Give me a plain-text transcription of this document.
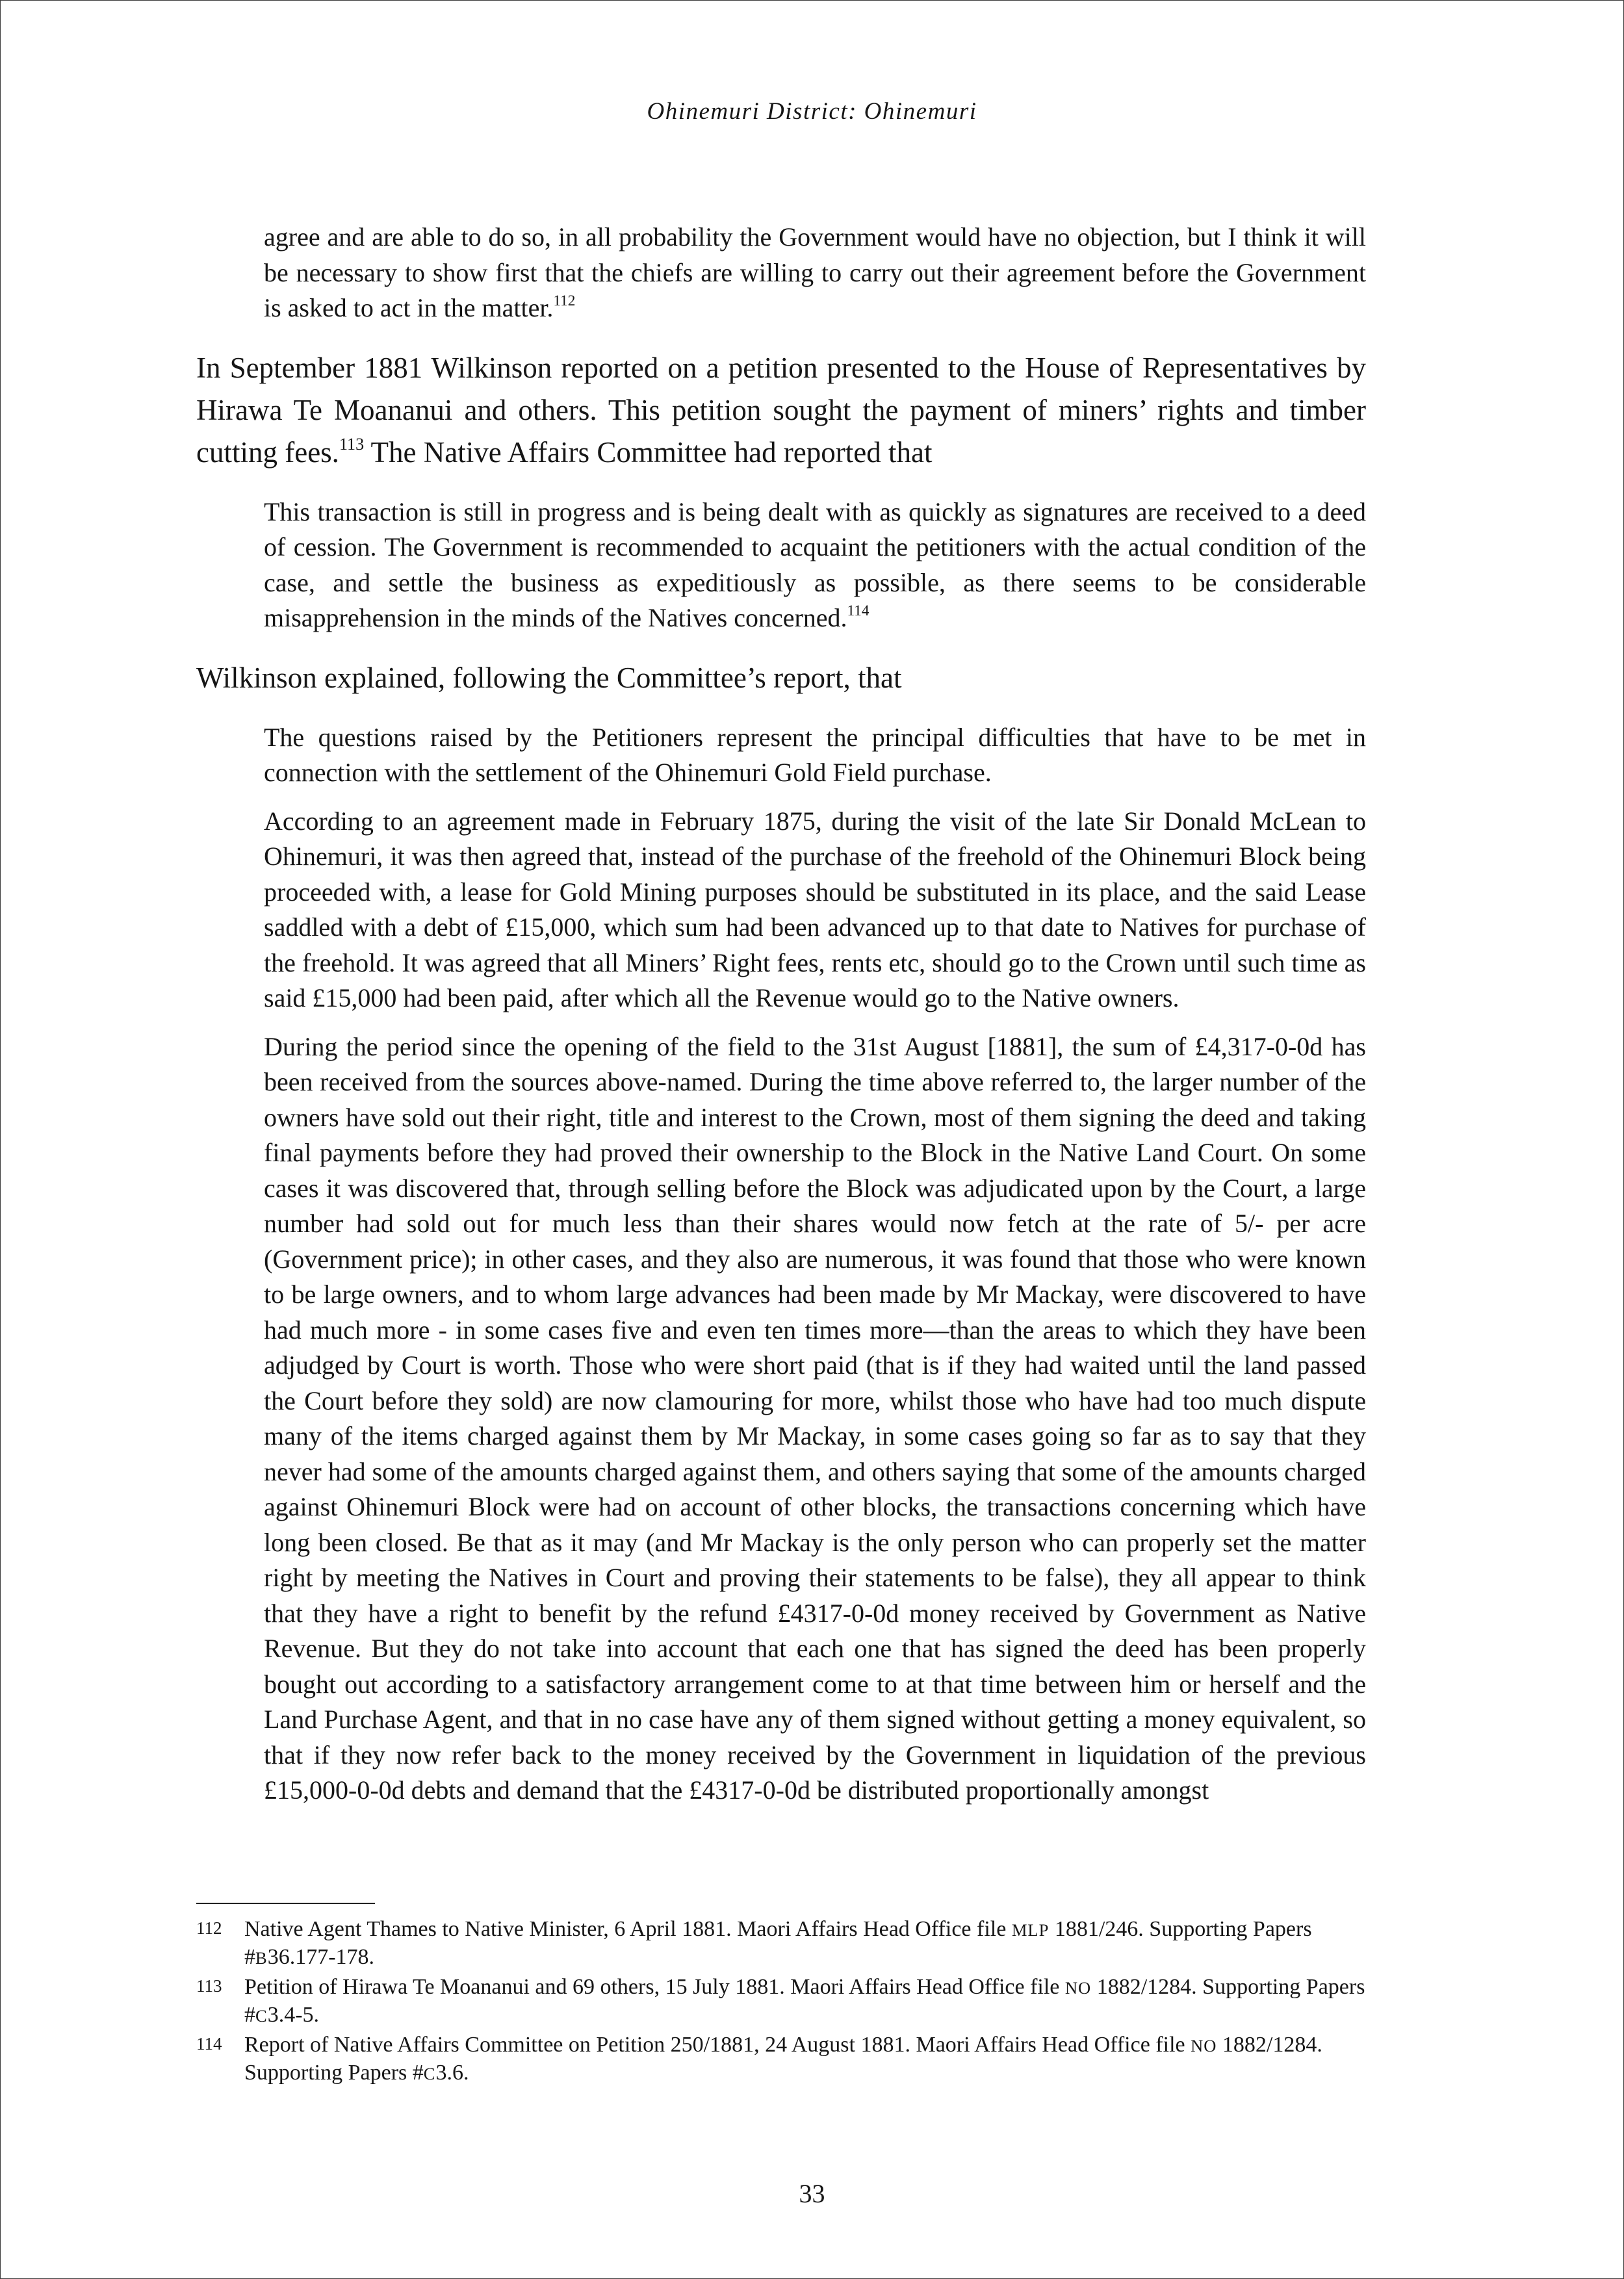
Ohinemuri District: Ohinemuri

agree and are able to do so, in all probability the Government would have no objection, but I think it will be necessary to show first that the chiefs are willing to carry out their agreement before the Government is asked to act in the matter.$^{112}$

In September 1881 Wilkinson reported on a petition presented to the House of Representatives by Hirawa Te Moananui and others. This petition sought the payment of miners’ rights and timber cutting fees.$^{113}$ The Native Affairs Committee had reported that

This transaction is still in progress and is being dealt with as quickly as signatures are received to a deed of cession. The Government is recommended to acquaint the petitioners with the actual condition of the case, and settle the business as expeditiously as possible, as there seems to be considerable misapprehension in the minds of the Natives concerned.$^{114}$

Wilkinson explained, following the Committee’s report, that

The questions raised by the Petitioners represent the principal difficulties that have to be met in connection with the settlement of the Ohinemuri Gold Field purchase.

According to an agreement made in February 1875, during the visit of the late Sir Donald McLean to Ohinemuri, it was then agreed that, instead of the purchase of the freehold of the Ohinemuri Block being proceeded with, a lease for Gold Mining purposes should be substituted in its place, and the said Lease saddled with a debt of £15,000, which sum had been advanced up to that date to Natives for purchase of the freehold. It was agreed that all Miners’ Right fees, rents etc, should go to the Crown until such time as said £15,000 had been paid, after which all the Revenue would go to the Native owners.

During the period since the opening of the field to the 31st August [1881], the sum of £4,317-0-0d has been received from the sources above-named. During the time above referred to, the larger number of the owners have sold out their right, title and interest to the Crown, most of them signing the deed and taking final payments before they had proved their ownership to the Block in the Native Land Court. On some cases it was discovered that, through selling before the Block was adjudicated upon by the Court, a large number had sold out for much less than their shares would now fetch at the rate of 5/- per acre (Government price); in other cases, and they also are numerous, it was found that those who were known to be large owners, and to whom large advances had been made by Mr Mackay, were discovered to have had much more - in some cases five and even ten times more—than the areas to which they have been adjudged by Court is worth. Those who were short paid (that is if they had waited until the land passed the Court before they sold) are now clamouring for more, whilst those who have had too much dispute many of the items charged against them by Mr Mackay, in some cases going so far as to say that they never had some of the amounts charged against them, and others saying that some of the amounts charged against Ohinemuri Block were had on account of other blocks, the transactions concerning which have long been closed. Be that as it may (and Mr Mackay is the only person who can properly set the matter right by meeting the Natives in Court and proving their statements to be false), they all appear to think that they have a right to benefit by the refund £4317-0-0d money received by Government as Native Revenue. But they do not take into account that each one that has signed the deed has been properly bought out according to a satisfactory arrangement come to at that time between him or herself and the Land Purchase Agent, and that in no case have any of them signed without getting a money equivalent, so that if they now refer back to the money received by the Government in liquidation of the previous £15,000-0-0d debts and demand that the £4317-0-0d be distributed proportionally amongst

112 Native Agent Thames to Native Minister, 6 April 1881. Maori Affairs Head Office file MLP 1881/246. Supporting Papers #B36.177-178.
113 Petition of Hirawa Te Moananui and 69 others, 15 July 1881. Maori Affairs Head Office file NO 1882/1284. Supporting Papers #C3.4-5.
114 Report of Native Affairs Committee on Petition 250/1881, 24 August 1881. Maori Affairs Head Office file NO 1882/1284. Supporting Papers #C3.6.
33
